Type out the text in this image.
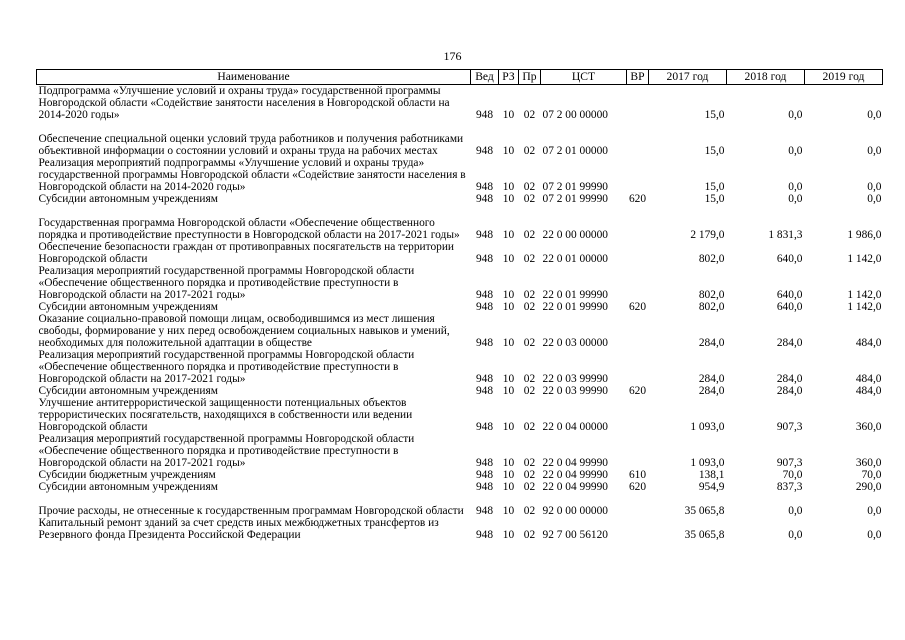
176
Наименование	Вед	РЗ	Пр	ЦСТ	ВР	2017 год	2018 год	2019 год
Подпрограмма «Улучшение условий и охраны труда» государственной программы Новгородской области «Содействие занятости населения в Новгородской области на 2014-2020 годы»	948	10	02	07 2 00 00000		15,0	0,0	0,0
Обеспечение специальной оценки условий труда работников и получения работниками объективной информации о состоянии условий и охраны труда на рабочих местах	948	10	02	07 2 01 00000		15,0	0,0	0,0
Реализация мероприятий подпрограммы «Улучшение условий и охраны труда» государственной программы Новгородской области «Содействие занятости населения в Новгородской области на 2014-2020 годы»	948	10	02	07 2 01 99990		15,0	0,0	0,0
Субсидии автономным учреждениям	948	10	02	07 2 01 99990	620	15,0	0,0	0,0
Государственная программа Новгородской области «Обеспечение общественного порядка и противодействие преступности в Новгородской области на 2017-2021 годы»	948	10	02	22 0 00 00000		2 179,0	1 831,3	1 986,0
Обеспечение безопасности граждан от противоправных посягательств на территории Новгородской области	948	10	02	22 0 01 00000		802,0	640,0	1 142,0
Реализация мероприятий государственной программы Новгородской области «Обеспечение общественного порядка и противодействие преступности в Новгородской области на 2017-2021 годы»	948	10	02	22 0 01 99990		802,0	640,0	1 142,0
Субсидии автономным учреждениям	948	10	02	22 0 01 99990	620	802,0	640,0	1 142,0
Оказание социально-правовой помощи лицам, освободившимся из мест лишения свободы, формирование у них перед освобождением социальных навыков и умений, необходимых для положительной адаптации в обществе	948	10	02	22 0 03 00000		284,0	284,0	484,0
Реализация мероприятий государственной программы Новгородской области «Обеспечение общественного порядка и противодействие преступности в Новгородской области на 2017-2021 годы»	948	10	02	22 0 03 99990		284,0	284,0	484,0
Субсидии автономным учреждениям	948	10	02	22 0 03 99990	620	284,0	284,0	484,0
Улучшение антитеррористической защищенности потенциальных объектов террористических посягательств, находящихся в собственности или ведении Новгородской области	948	10	02	22 0 04 00000		1 093,0	907,3	360,0
Реализация мероприятий государственной программы Новгородской области «Обеспечение общественного порядка и противодействие преступности в Новгородской области на 2017-2021 годы»	948	10	02	22 0 04 99990		1 093,0	907,3	360,0
Субсидии бюджетным учреждениям	948	10	02	22 0 04 99990	610	138,1	70,0	70,0
Субсидии автономным учреждениям	948	10	02	22 0 04 99990	620	954,9	837,3	290,0
Прочие расходы, не отнесенные к государственным программам Новгородской области	948	10	02	92 0 00 00000		35 065,8	0,0	0,0
Капитальный ремонт зданий за счет средств иных межбюджетных трансфертов из Резервного фонда Президента Российской Федерации	948	10	02	92 7 00 56120		35 065,8	0,0	0,0
